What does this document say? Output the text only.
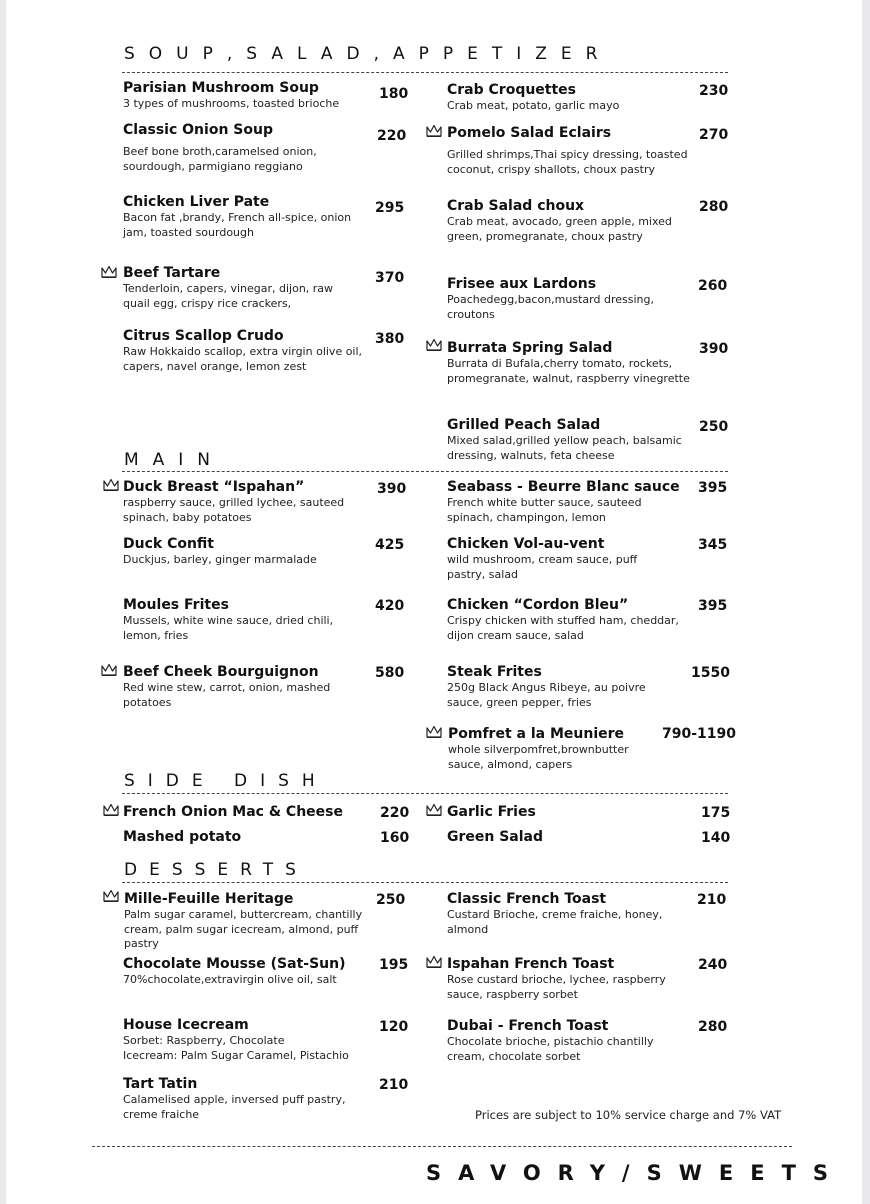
SOUP,SALAD,APPETIZER
Parisian Mushroom Soup
3 types of mushrooms, toasted brioche
180
Classic Onion Soup
Beef bone broth,caramelsed onion, sourdough, parmigiano reggiano
220
Chicken Liver Pate
Bacon fat ,brandy, French all-spice, onion jam, toasted sourdough
295
Beef Tartare
Tenderloin, capers, vinegar, dijon, raw quail egg, crispy rice crackers,
370
Citrus Scallop Crudo
Raw Hokkaido scallop, extra virgin olive oil, capers, navel orange, lemon zest
380
Crab Croquettes
Crab meat, potato, garlic mayo
230
Pomelo Salad Eclairs
Grilled shrimps,Thai spicy dressing, toasted coconut, crispy shallots, choux pastry
270
Crab Salad choux
Crab meat, avocado, green apple, mixed green, promegranate, choux pastry
280
Frisee aux Lardons
Poachedegg,bacon,mustard dressing, croutons
260
Burrata Spring Salad
Burrata di Bufala,cherry tomato, rockets, promegranate, walnut, raspberry vinegrette
390
Grilled Peach Salad
Mixed salad,grilled yellow peach, balsamic dressing, walnuts, feta cheese
250
MAIN
Duck Breast “Ispahan”
raspberry sauce, grilled lychee, sauteed spinach, baby potatoes
390
Duck Confit
Duckjus, barley, ginger marmalade
425
Moules Frites
Mussels, white wine sauce, dried chili, lemon, fries
420
Beef Cheek Bourguignon
Red wine stew, carrot, onion, mashed potatoes
580
Seabass - Beurre Blanc sauce
French white butter sauce, sauteed spinach, champingon, lemon
395
Chicken Vol-au-vent
wild mushroom, cream sauce, puff pastry, salad
345
Chicken “Cordon Bleu”
Crispy chicken with stuffed ham, cheddar, dijon cream sauce, salad
395
Steak Frites
250g Black Angus Ribeye, au poivre sauce, green pepper, fries
1550
Pomfret a la Meuniere
whole silverpomfret,brownbutter sauce, almond, capers
790-1190
SIDE DISH
French Onion Mac & Cheese	220
Mashed potato	160
Garlic Fries	175
Green Salad	140
DESSERTS
Mille-Feuille Heritage
Palm sugar caramel, buttercream, chantilly cream, palm sugar icecream, almond, puff pastry
250
Chocolate Mousse (Sat-Sun)
70%chocolate,extravirgin olive oil, salt
195
House Icecream
Sorbet: Raspberry, Chocolate
Icecream: Palm Sugar Caramel, Pistachio
120
Tart Tatin
Calamelised apple, inversed puff pastry, creme fraiche
210
Classic French Toast
Custard Brioche, creme fraiche, honey, almond
210
Ispahan French Toast
Rose custard brioche, lychee, raspberry sauce, raspberry sorbet
240
Dubai - French Toast
Chocolate brioche, pistachio chantilly cream, chocolate sorbet
280
Prices are subject to 10% service charge and 7% VAT
SAVORY/SWEETS
